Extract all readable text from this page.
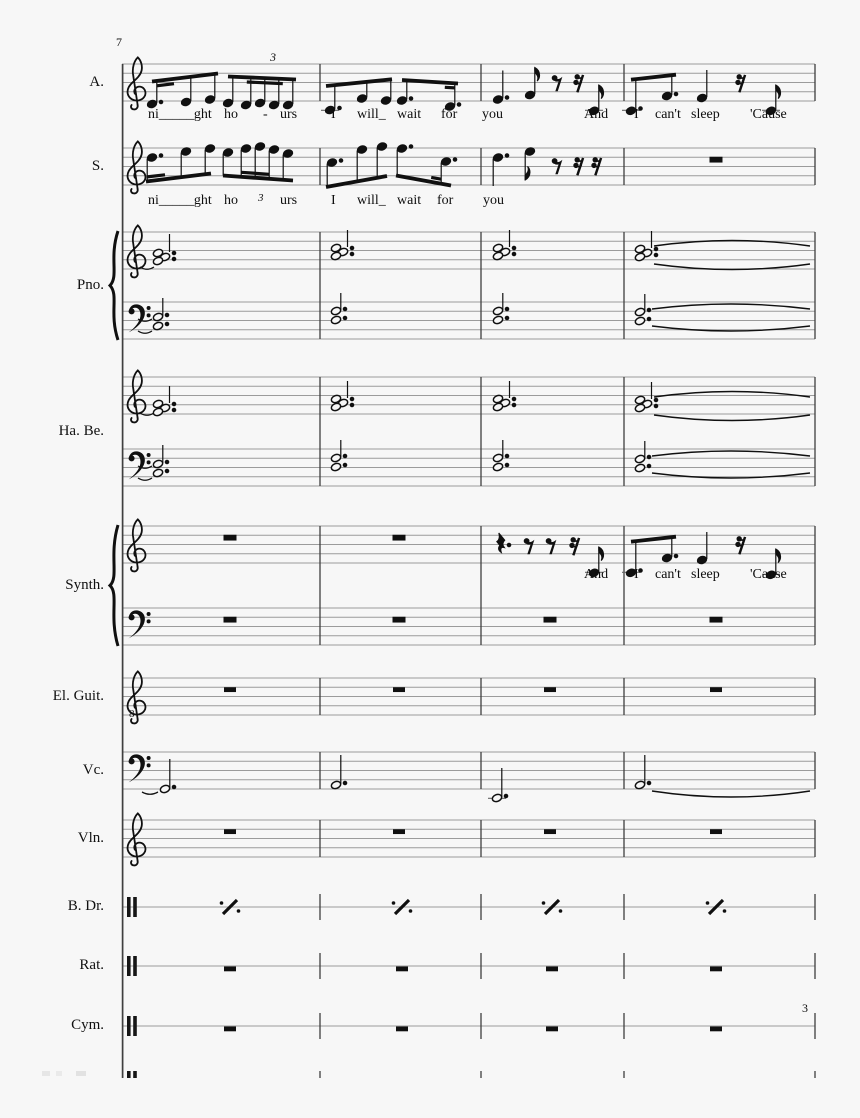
A.
S.
Pno.
Ha. Be.
Synth.
El. Guit.
Vc.
Vln.
B. Dr.
Rat.
Cym.
7
3
3
8
3
ni_____ght ho - urs I will_ wait for you	And I can't sleep 'Cause
ni_____ght ho	urs I will_ wait for you
And I can't sleep 'Cause
